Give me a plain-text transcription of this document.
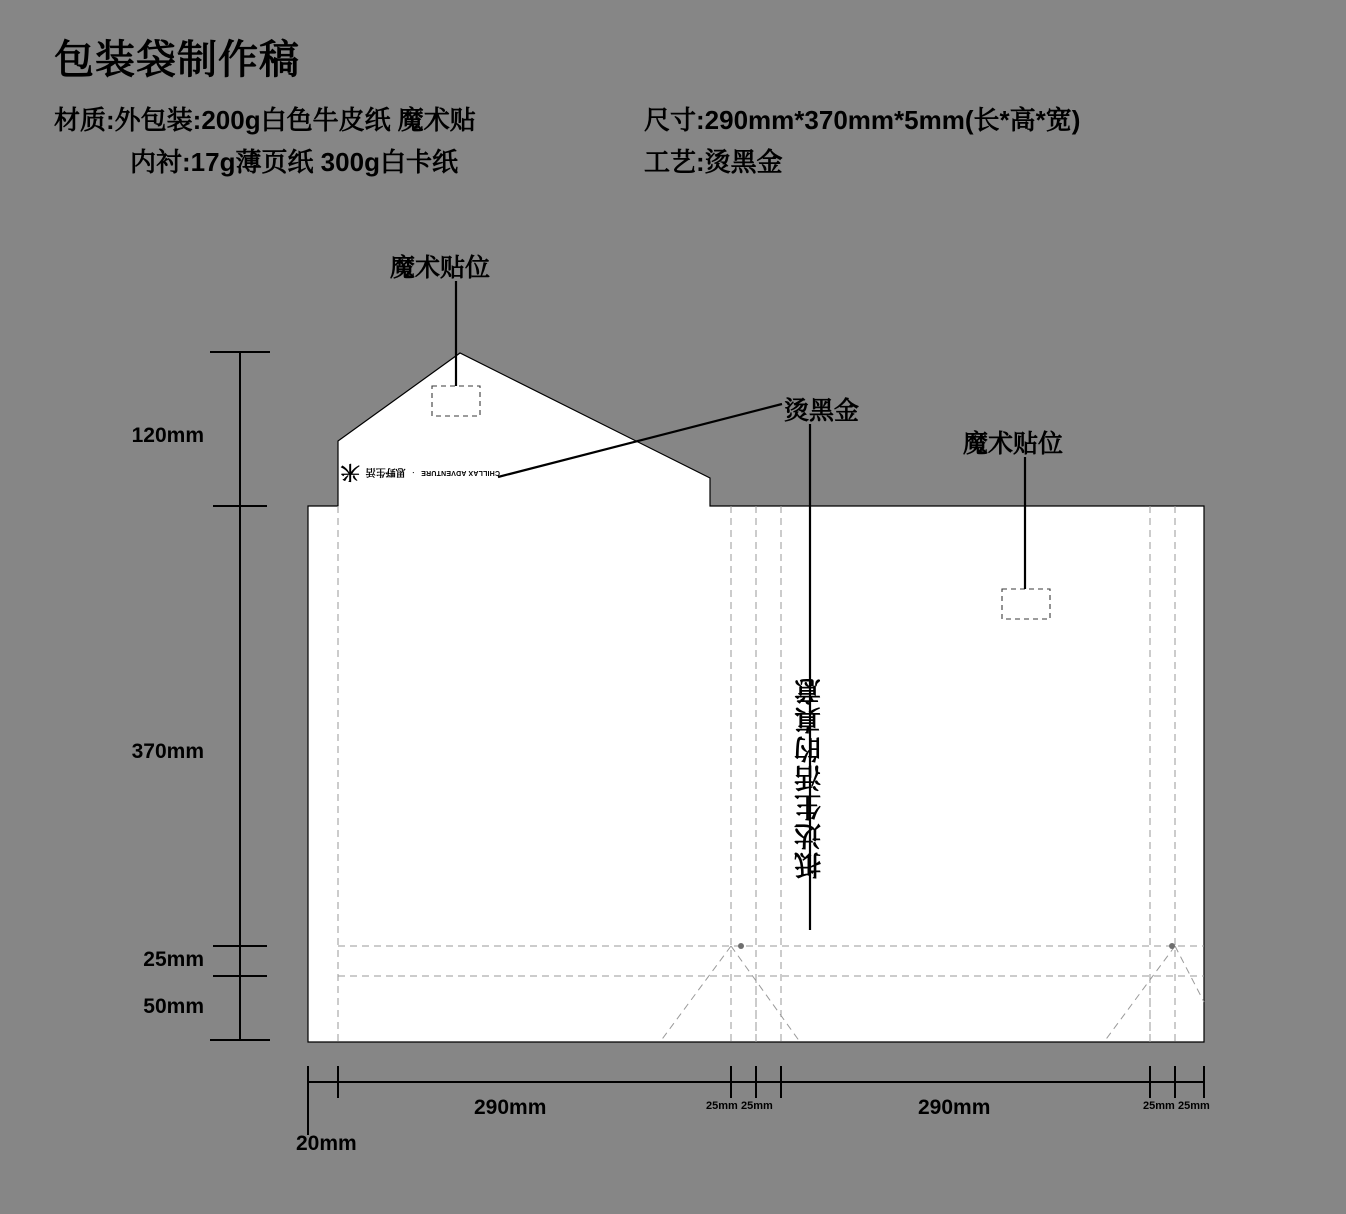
包装袋制作稿
材质:外包装:200g白色牛皮纸 魔术贴
内衬:17g薄页纸 300g白卡纸
尺寸:290mm*370mm*5mm(长*高*宽)
工艺:烫黑金
魔术贴位
烫黑金
魔术贴位
120mm
370mm
25mm
50mm
290mm	290mm
25mm 25mm	25mm 25mm
20mm
CHILLAX ADVENTURE
·
思野生活
米
抵达生活的真意
